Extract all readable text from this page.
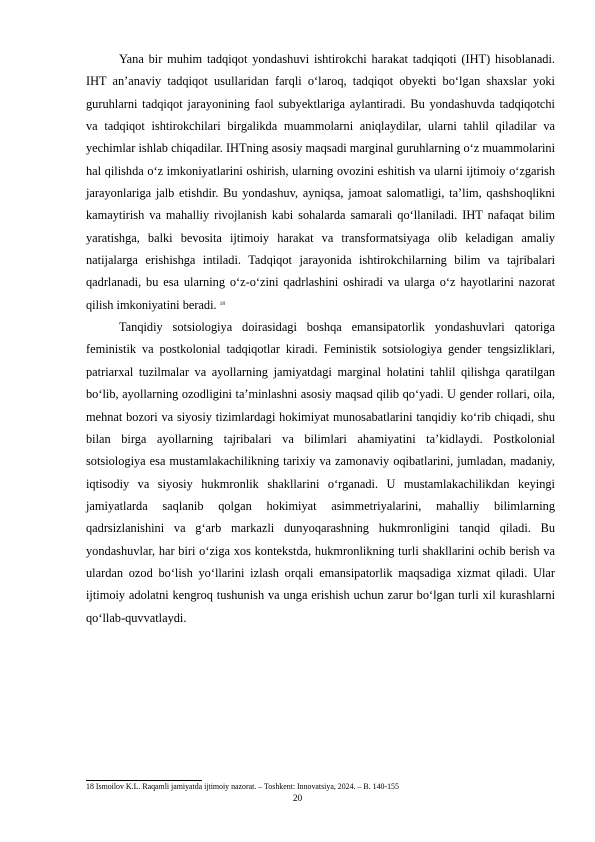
Yana bir muhim tadqiqot yondashuvi ishtirokchi harakat tadqiqoti (IHT) hisoblanadi. IHT an’anaviy tadqiqot usullaridan farqli o‘laroq, tadqiqot obyekti bo‘lgan shaxslar yoki guruhlarni tadqiqot jarayonining faol subyektlariga aylantiradi. Bu yondashuvda tadqiqotchi va tadqiqot ishtirokchilari birgalikda muammolarni aniqlaydilar, ularni tahlil qiladilar va yechimlar ishlab chiqadilar. IHTning asosiy maqsadi marginal guruhlarning o‘z muammolarini hal qilishda o‘z imkoniyatlarini oshirish, ularning ovozini eshitish va ularni ijtimoiy o‘zgarish jarayonlariga jalb etishdir. Bu yondashuv, ayniqsa, jamoat salomatligi, ta’lim, qashshoqlikni kamaytirish va mahalliy rivojlanish kabi sohalarda samarali qo‘llaniladi. IHT nafaqat bilim yaratishga, balki bevosita ijtimoiy harakat va transformatsiyaga olib keladigan amaliy natijalarga erishishga intiladi. Tadqiqot jarayonida ishtirokchilarning bilim va tajribalari qadrlanadi, bu esa ularning o‘z-o‘zini qadrlashini oshiradi va ularga o‘z hayotlarini nazorat qilish imkoniyatini beradi. $^{18}$

Tanqidiy sotsiologiya doirasidagi boshqa emansipatorlik yondashuvlari qatoriga feministik va postkolonial tadqiqotlar kiradi. Feministik sotsiologiya gender tengsizliklari, patriarxal tuzilmalar va ayollarning jamiyatdagi marginal holatini tahlil qilishga qaratilgan bo‘lib, ayollarning ozodligini ta’minlashni asosiy maqsad qilib qo‘yadi. U gender rollari, oila, mehnat bozori va siyosiy tizimlardagi hokimiyat munosabatlarini tanqidiy ko‘rib chiqadi, shu bilan birga ayollarning tajribalari va bilimlari ahamiyatini ta’kidlaydi. Postkolonial sotsiologiya esa mustamlakachilikning tarixiy va zamonaviy oqibatlarini, jumladan, madaniy, iqtisodiy va siyosiy hukmronlik shakllarini o‘rganadi. U mustamlakachilikdan keyingi jamiyatlarda saqlanib qolgan hokimiyat asimmetriyalarini, mahalliy bilimlarning qadrsizlanishini va g‘arb markazli dunyoqarashning hukmronligini tanqid qiladi. Bu yondashuvlar, har biri o‘ziga xos kontekstda, hukmronlikning turli shakllarini ochib berish va ulardan ozod bo‘lish yo‘llarini izlash orqali emansipatorlik maqsadiga xizmat qiladi. Ular ijtimoiy adolatni kengroq tushunish va unga erishish uchun zarur bo‘lgan turli xil kurashlarni qo‘llab-quvvatlaydi.

18 Ismoilov K.L. Raqamli jamiyatda ijtimoiy nazorat. – Toshkent: Innovatsiya, 2024. – B. 140-155
20
